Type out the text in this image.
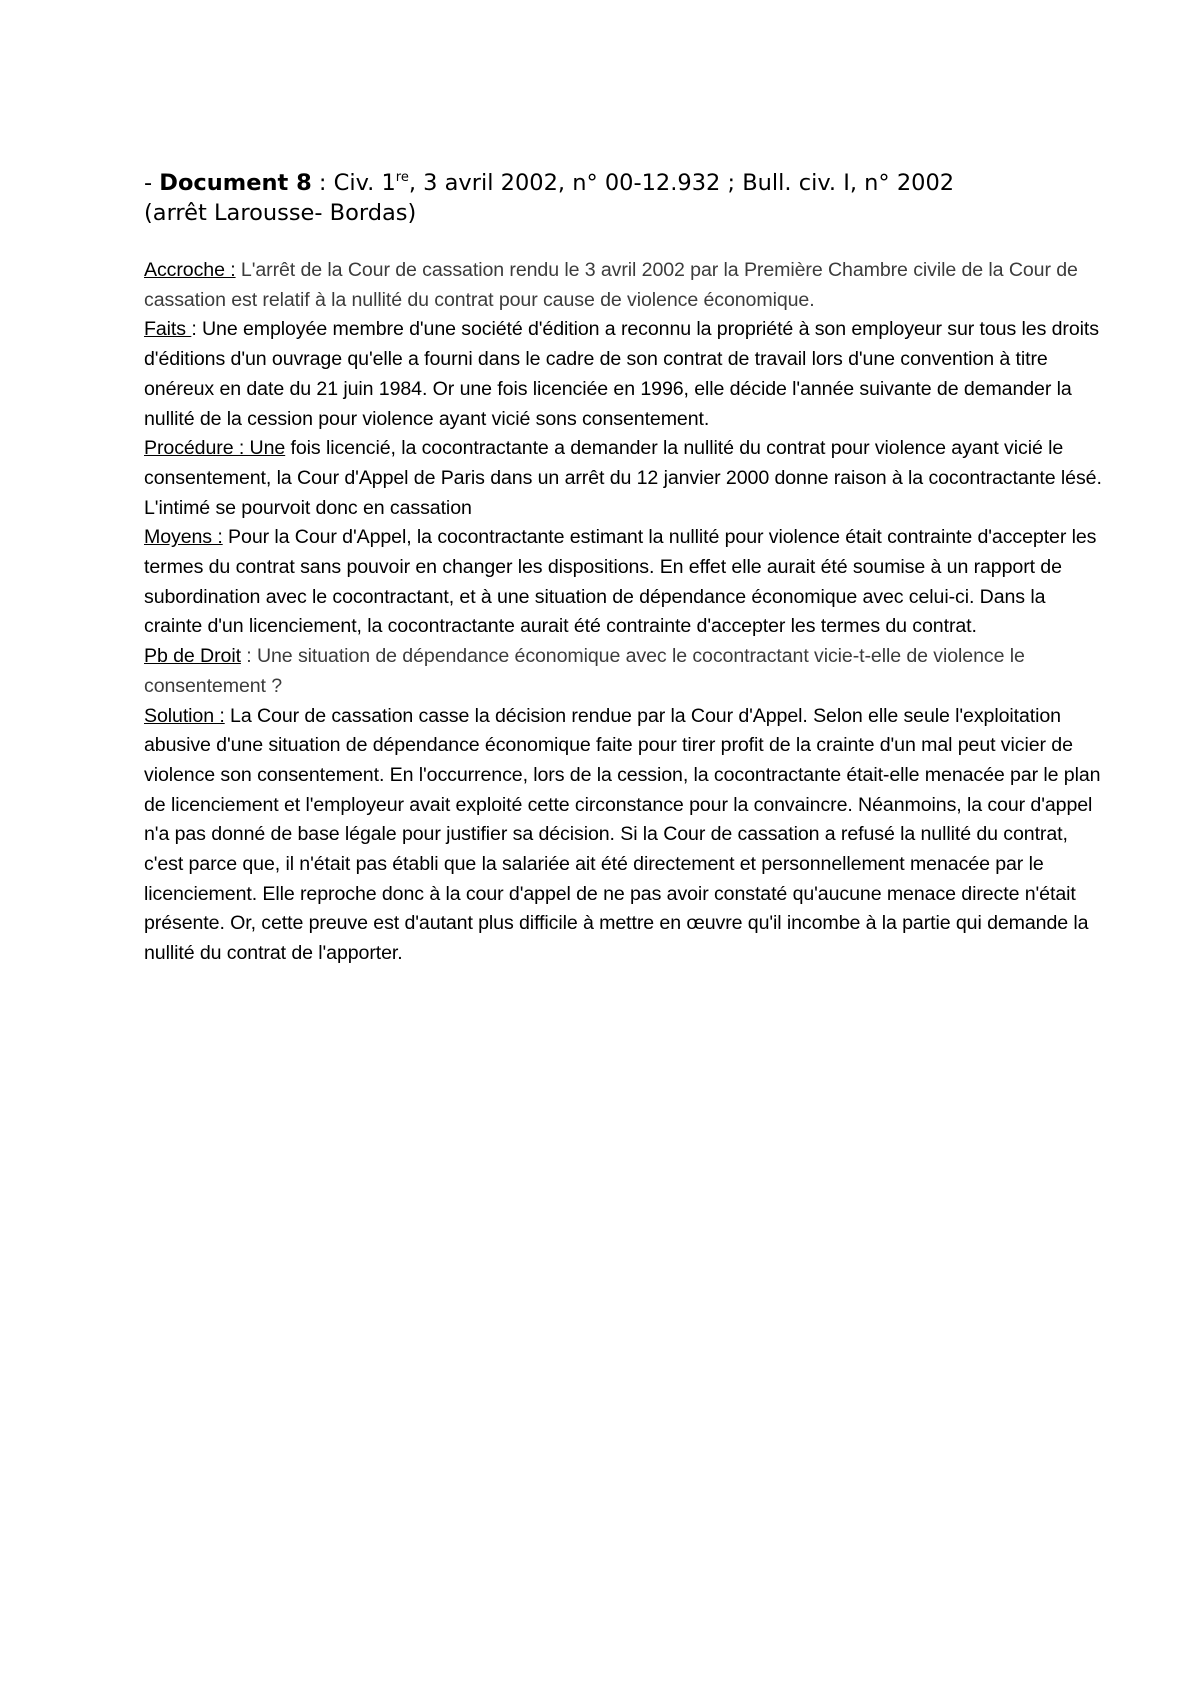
- Document 8 : Civ. 1re, 3 avril 2002, n° 00-12.932 ; Bull. civ. I, n° 2002
(arrêt Larousse- Bordas)

Accroche : L'arrêt de la Cour de cassation rendu le 3 avril 2002 par la Première Chambre civile de la Cour de cassation est relatif à la nullité du contrat pour cause de violence économique.

Faits : Une employée membre d'une société d'édition a reconnu la propriété à son employeur sur tous les droits d'éditions d'un ouvrage qu'elle a fourni dans le cadre de son contrat de travail lors d'une convention à titre onéreux en date du 21 juin 1984. Or une fois licenciée en 1996, elle décide l'année suivante de demander la nullité de la cession pour violence ayant vicié sons consentement.

Procédure : Une fois licencié, la cocontractante a demander la nullité du contrat pour violence ayant vicié le consentement, la Cour d'Appel de Paris dans un arrêt du 12 janvier 2000 donne raison à la cocontractante lésé. L'intimé se pourvoit donc en cassation

Moyens : Pour la Cour d'Appel, la cocontractante estimant la nullité pour violence était contrainte d'accepter les termes du contrat sans pouvoir en changer les dispositions. En effet elle aurait été soumise à un rapport de subordination avec le cocontractant, et à une situation de dépendance économique avec celui-ci. Dans la crainte d'un licenciement, la cocontractante aurait été contrainte d'accepter les termes du contrat.

Pb de Droit : Une situation de dépendance économique avec le cocontractant vicie-t-elle de violence le consentement ?

Solution : La Cour de cassation casse la décision rendue par la Cour d'Appel. Selon elle seule l'exploitation abusive d'une situation de dépendance économique faite pour tirer profit de la crainte d'un mal peut vicier de violence son consentement. En l'occurrence, lors de la cession, la cocontractante était-elle menacée par le plan de licenciement et l'employeur avait exploité cette circonstance pour la convaincre. Néanmoins, la cour d'appel n'a pas donné de base légale pour justifier sa décision. Si la Cour de cassation a refusé la nullité du contrat, c'est parce que, il n'était pas établi que la salariée ait été directement et personnellement menacée par le licenciement. Elle reproche donc à la cour d'appel de ne pas avoir constaté qu'aucune menace directe n'était présente. Or, cette preuve est d'autant plus difficile à mettre en œuvre qu'il incombe à la partie qui demande la nullité du contrat de l'apporter.
